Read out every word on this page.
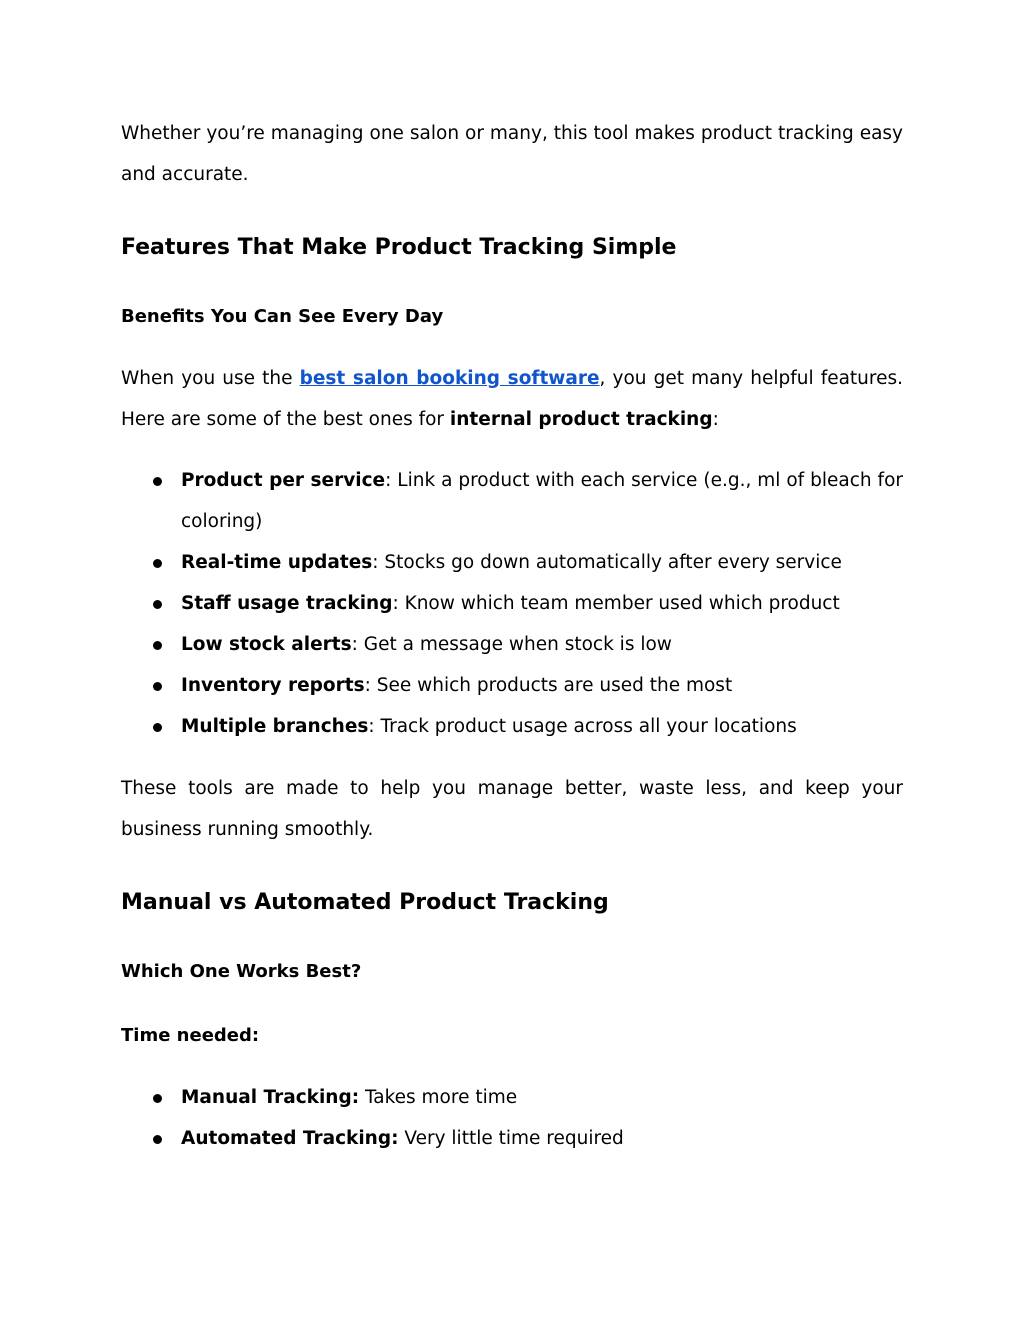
Whether you’re managing one salon or many, this tool makes product tracking easy and accurate.

Features That Make Product Tracking Simple
Benefits You Can See Every Day

When you use the best salon booking software, you get many helpful features. Here are some of the best ones for internal product tracking:

Product per service: Link a product with each service (e.g., ml of bleach for coloring)
Real-time updates: Stocks go down automatically after every service
Staff usage tracking: Know which team member used which product
Low stock alerts: Get a message when stock is low
Inventory reports: See which products are used the most
Multiple branches: Track product usage across all your locations

These tools are made to help you manage better, waste less, and keep your business running smoothly.

Manual vs Automated Product Tracking
Which One Works Best?
Time needed:
Manual Tracking: Takes more time
Automated Tracking: Very little time required
